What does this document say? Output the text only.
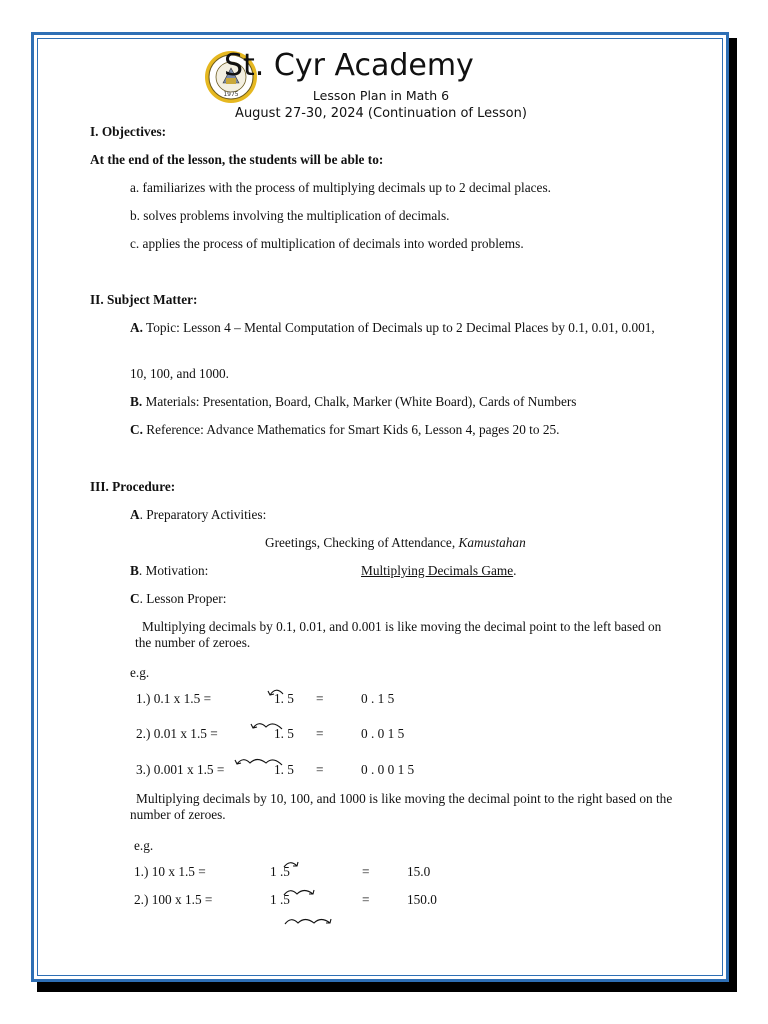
1975
St. Cyr Academy
Lesson Plan in Math 6
August 27-30, 2024 (Continuation of Lesson)
I. Objectives:
At the end of the lesson, the students will be able to:
a. familiarizes with the process of multiplying decimals up to 2 decimal places.
b. solves problems involving the multiplication of decimals.
c. applies the process of multiplication of decimals into worded problems.
II. Subject Matter:
A. Topic: Lesson 4 – Mental Computation of Decimals up to 2 Decimal Places by 0.1, 0.01, 0.001,
10, 100, and 1000.
B. Materials: Presentation, Board, Chalk, Marker (White Board), Cards of Numbers
C. Reference: Advance Mathematics for Smart Kids 6, Lesson 4, pages 20 to 25.
III. Procedure:
A. Preparatory Activities:
Greetings, Checking of Attendance, Kamustahan
B. Motivation:	Multiplying Decimals Game.
C. Lesson Proper:
Multiplying decimals by 0.1, 0.01, and 0.001 is like moving the decimal point to the left based on the number of zeroes.
e.g.
1.) 0.1 x 1.5 =	1. 5 =	0 . 1 5
2.) 0.01 x 1.5 =	1. 5 =	0 . 0 1 5
3.) 0.001 x 1.5 =	1. 5 =	0 . 0 0 1 5
Multiplying decimals by 10, 100, and 1000 is like moving the decimal point to the right based on the number of zeroes.
e.g.
1.) 10 x 1.5 =	1 .5	=	15.0
2.) 100 x 1.5 =	1 .5	=	150.0
